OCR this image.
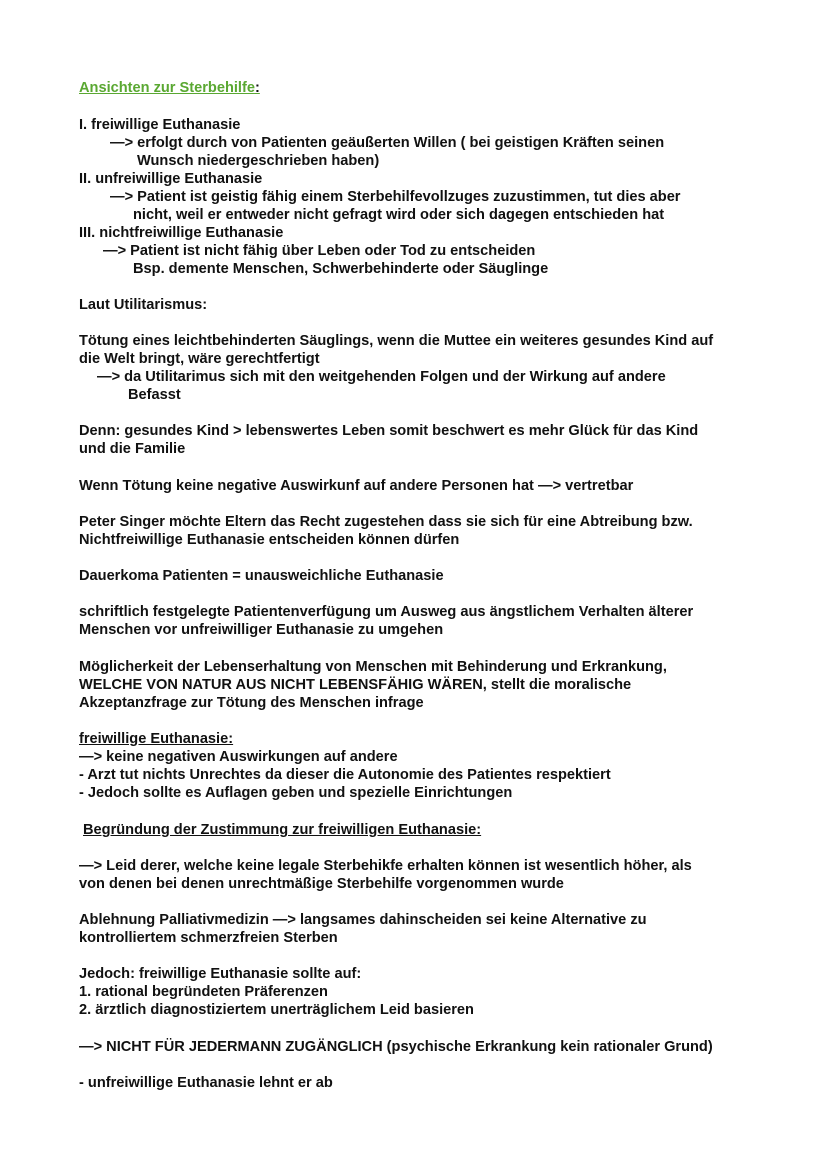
Ansichten zur Sterbehilfe:
I. freiwillige Euthanasie
—> erfolgt durch von Patienten geäußerten Willen ( bei geistigen Kräften seinen
Wunsch niedergeschrieben haben)
II. unfreiwillige Euthanasie
—> Patient ist geistig fähig einem Sterbehilfevollzuges zuzustimmen, tut dies aber
nicht, weil er entweder nicht gefragt wird oder sich dagegen entschieden hat
III. nichtfreiwillige Euthanasie
—> Patient ist nicht fähig über Leben oder Tod zu entscheiden
Bsp. demente Menschen, Schwerbehinderte oder Säuglinge
Laut Utilitarismus:
Tötung eines leichtbehinderten Säuglings, wenn die Muttee ein weiteres gesundes Kind auf
die Welt bringt, wäre gerechtfertigt
—> da Utilitarimus sich mit den weitgehenden Folgen und der Wirkung auf andere
Befasst
Denn: gesundes Kind > lebenswertes Leben somit beschwert es mehr Glück für das Kind
und die Familie
Wenn Tötung keine negative Auswirkunf auf andere Personen hat —> vertretbar
Peter Singer möchte Eltern das Recht zugestehen dass sie sich für eine Abtreibung bzw.
Nichtfreiwillige Euthanasie entscheiden können dürfen
Dauerkoma Patienten = unausweichliche Euthanasie
schriftlich festgelegte Patientenverfügung um Ausweg aus ängstlichem Verhalten älterer
Menschen vor unfreiwilliger Euthanasie zu umgehen
Möglicherkeit der Lebenserhaltung von Menschen mit Behinderung und Erkrankung,
WELCHE VON NATUR AUS NICHT LEBENSFÄHIG WÄREN, stellt die moralische
Akzeptanzfrage zur Tötung des Menschen infrage
freiwillige Euthanasie:
—> keine negativen Auswirkungen auf andere
- Arzt tut nichts Unrechtes da dieser die Autonomie des Patientes respektiert
- Jedoch sollte es Auflagen geben und spezielle Einrichtungen
Begründung der Zustimmung zur freiwilligen Euthanasie:
—> Leid derer, welche keine legale Sterbehikfe erhalten können ist wesentlich höher, als
von denen bei denen unrechtmäßige Sterbehilfe vorgenommen wurde
Ablehnung Palliativmedizin —> langsames dahinscheiden sei keine Alternative zu
kontrolliertem schmerzfreien Sterben
Jedoch: freiwillige Euthanasie sollte auf:
1. rational begründeten Präferenzen
2. ärztlich diagnostiziertem unerträglichem Leid basieren
—> NICHT FÜR JEDERMANN ZUGÄNGLICH (psychische Erkrankung kein rationaler Grund)
- unfreiwillige Euthanasie lehnt er ab
